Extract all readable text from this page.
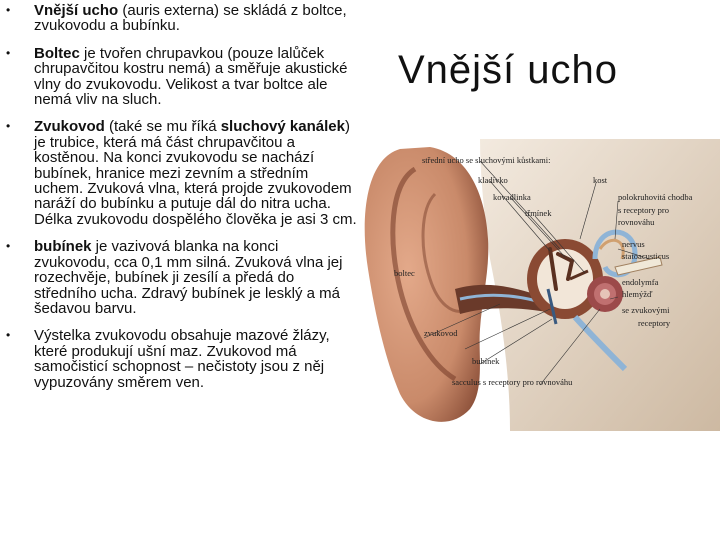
• Vnější ucho (auris externa) se skládá z boltce, zvukovodu a bubínku.
• Boltec je tvořen chrupavkou (pouze lalůček chrupavčitou kostru nemá) a směřuje akustické vlny do zvukovodu. Velikost a tvar boltce ale nemá vliv na sluch.
• Zvukovod (také se mu říká sluchový kanálek) je trubice, která má část chrupavčitou a kostěnou. Na konci zvukovodu se nachází bubínek, hranice mezi zevním a středním uchem. Zvuková vlna, která projde zvukovodem naráží do bubínku a putuje dál do nitra ucha. Délka zvukovodu dospělého člověka je asi 3 cm.
• bubínek je vazivová blanka na konci zvukovodu, cca 0,1 mm silná. Zvuková vlna jej rozechvěje, bubínek ji zesílí a předá do středního ucha. Zdravý bubínek je lesklý a má šedavou barvu.
• Výstelka zvukovodu obsahuje mazové žlázy, které produkují ušní maz. Zvukovod má samočisticí schopnost – nečistoty jsou z něj vypuzovány směrem ven.
Vnější ucho
střední ucho se sluchovými kůstkami:
kladívko	kost
kovadlinka	polokruhovitá chodba
s receptory pro
třmínek
rovnováhu
nervus
statoacusticus
boltec
endolymfa
hlemýžď
se zvukovými
receptory
zvukovod
bubínek
sacculus s receptory pro rovnováhu
